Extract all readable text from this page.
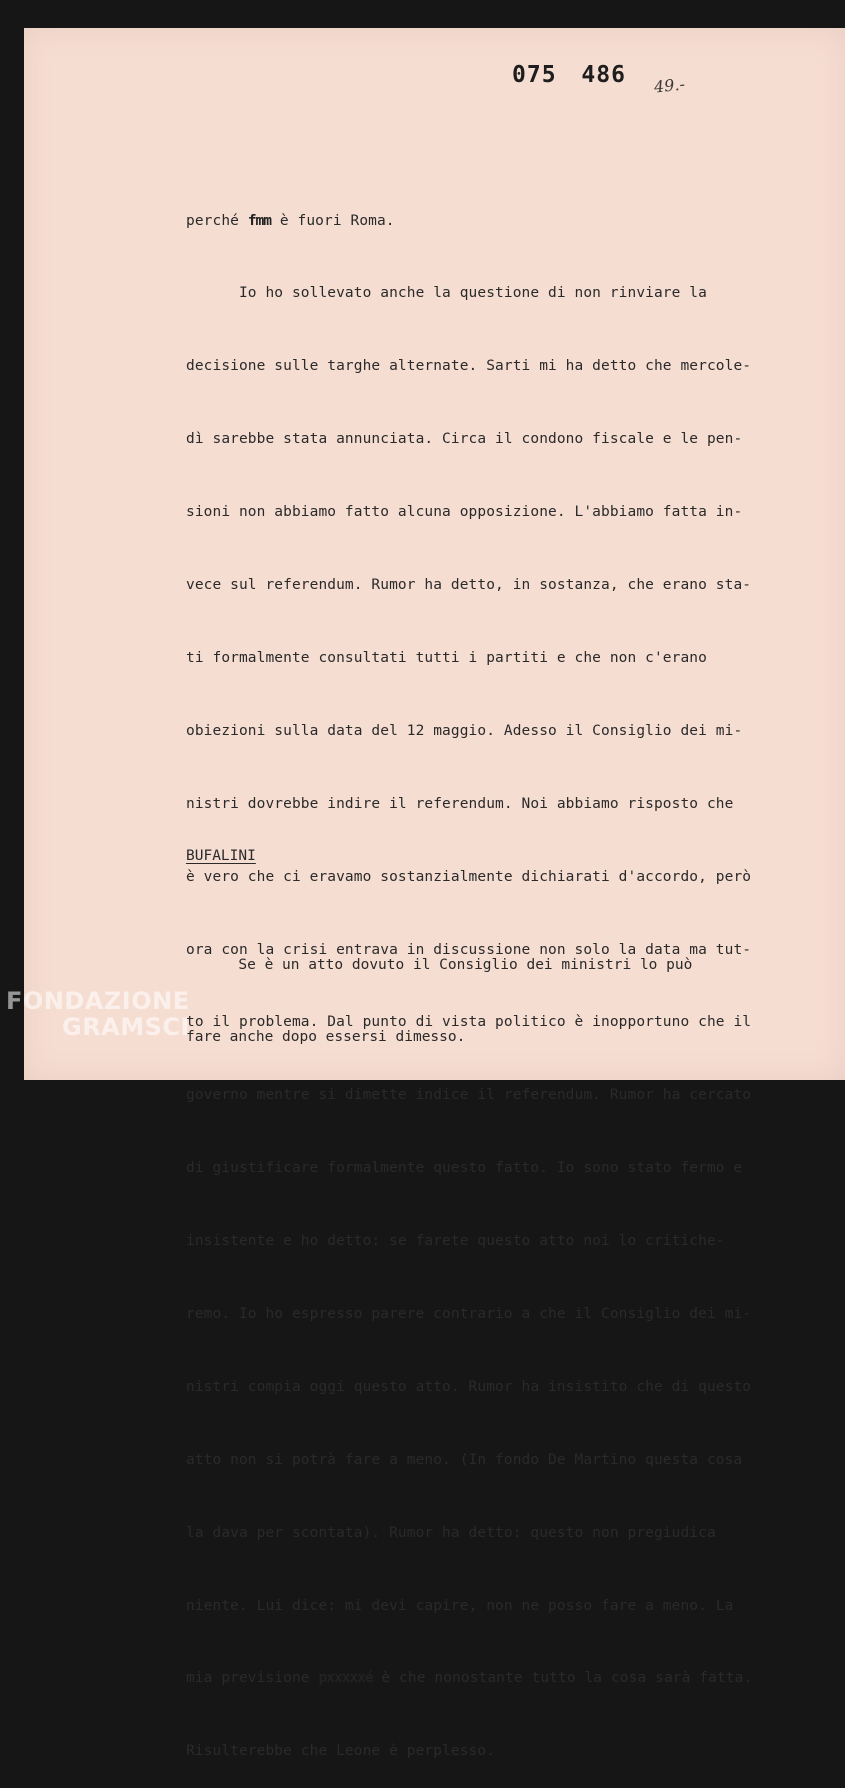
075 486 49.-

perché fmm è fuori Roma.

Io ho sollevato anche la questione di non rinviare la

decisione sulle targhe alternate. Sarti mi ha detto che mercole-

dì sarebbe stata annunciata. Circa il condono fiscale e le pen-

sioni non abbiamo fatto alcuna opposizione. L'abbiamo fatta in-

vece sul referendum. Rumor ha detto, in sostanza, che erano sta-

ti formalmente consultati tutti i partiti e che non c'erano

obiezioni sulla data del 12 maggio. Adesso il Consiglio dei mi-

nistri dovrebbe indire il referendum. Noi abbiamo risposto che

è vero che ci eravamo sostanzialmente dichiarati d'accordo, però

ora con la crisi entrava in discussione non solo la data ma tut-

to il problema. Dal punto di vista politico è inopportuno che il

governo mentre si dimette indice il referendum. Rumor ha cercato

di giustificare formalmente questo fatto. Io sono stato fermo e

insistente e ho detto: se farete questo atto noi lo critiche-

remo. Io ho espresso parere contrario a che il Consiglio dei mi-

nistri compia oggi questo atto. Rumor ha insistito che di questo

atto non si potrà fare a meno. (In fondo De Martino questa cosa

la dava per scontata). Rumor ha detto: questo non pregiudica

niente. Lui dice: mi devi capire, non ne posso fare a meno. La

mia previsione pxxxxxé è che nonostante tutto la cosa sarà fatta.

Risulterebbe che Leone è perplesso.

BUFALINI

Se è un atto dovuto il Consiglio dei ministri lo può

fare anche dopo essersi dimesso.

FONDAZIONE
GRAMSCI
